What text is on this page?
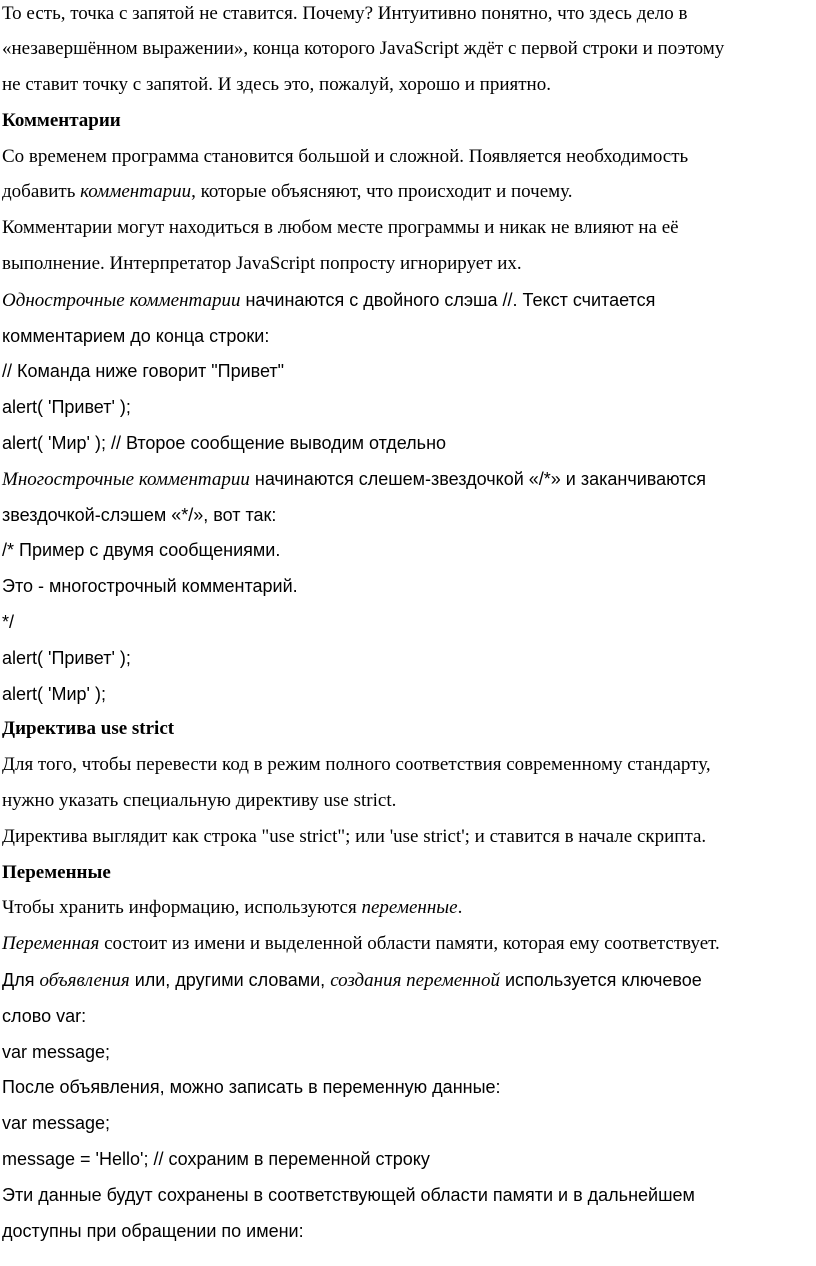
То есть, точка с запятой не ставится. Почему? Интуитивно понятно, что здесь дело в
«незавершённом выражении», конца которого JavaScript ждёт с первой строки и поэтому
не ставит точку с запятой. И здесь это, пожалуй, хорошо и приятно.
Комментарии
Со временем программа становится большой и сложной. Появляется необходимость
добавить комментарии, которые объясняют, что происходит и почему.
Комментарии могут находиться в любом месте программы и никак не влияют на её
выполнение. Интерпретатор JavaScript попросту игнорирует их.
Однострочные комментарии начинаются с двойного слэша //. Текст считается
комментарием до конца строки:
// Команда ниже говорит "Привет"
alert( 'Привет' );
alert( 'Мир' ); // Второе сообщение выводим отдельно
Многострочные комментарии начинаются слешем-звездочкой «/*» и заканчиваются
звездочкой-слэшем «*/», вот так:
/* Пример с двумя сообщениями.
Это - многострочный комментарий.
*/
alert( 'Привет' );
alert( 'Мир' );
Директива use strict
Для того, чтобы перевести код в режим полного соответствия современному стандарту,
нужно указать специальную директиву use strict.
Директива выглядит как строка "use strict"; или 'use strict'; и ставится в начале скрипта.
Переменные
Чтобы хранить информацию, используются переменные.
Переменная состоит из имени и выделенной области памяти, которая ему соответствует.
Для объявления или, другими словами, создания переменной используется ключевое
слово var:
var message;
После объявления, можно записать в переменную данные:
var message;
message = 'Hello'; // сохраним в переменной строку
Эти данные будут сохранены в соответствующей области памяти и в дальнейшем
доступны при обращении по имени:
